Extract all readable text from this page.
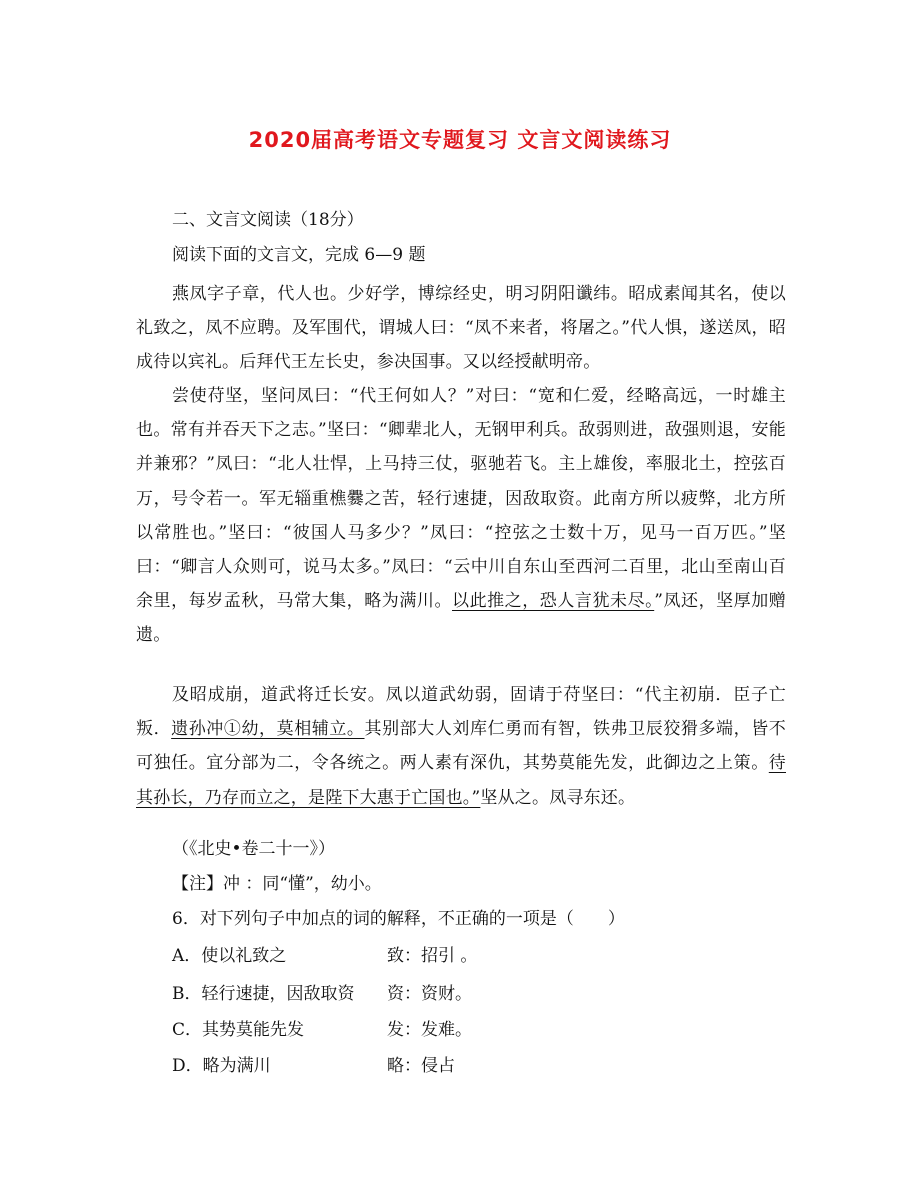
2020届高考语文专题复习 文言文阅读练习
二、文言文阅读（18分）
阅读下面的文言文，完成 6—9 题
燕凤字子章，代人也。少好学，博综经史，明习阴阳谶纬。昭成素闻其名，使以礼致之，凤不应聘。及军围代，谓城人曰：“凤不来者，将屠之。”代人惧，遂送凤，昭成待以宾礼。后拜代王左长史，参决国事。又以经授献明帝。
尝使苻坚，坚问凤曰：“代王何如人？”对曰：“宽和仁爱，经略高远，一时雄主也。常有并吞天下之志。”坚曰：“卿辈北人，无钢甲利兵。敌弱则进，敌强则退，安能并兼邪？”凤曰：“北人壮悍，上马持三仗，驱驰若飞。主上雄俊，率服北土，控弦百万，号令若一。军无辎重樵爨之苦，轻行速捷，因敌取资。此南方所以疲弊，北方所以常胜也。”坚曰：“彼国人马多少？”凤曰：“控弦之士数十万，见马一百万匹。”坚曰：“卿言人众则可，说马太多。”凤曰：“云中川自东山至西河二百里，北山至南山百余里，每岁孟秋，马常大集，略为满川。以此推之，恐人言犹未尽。”凤还，坚厚加赠遗。
及昭成崩，道武将迁长安。凤以道武幼弱，固请于苻坚曰：“代主初崩．臣子亡叛．遗孙冲①幼，莫相辅立。其别部大人刘库仁勇而有智，铁弗卫辰狡猾多端，皆不可独任。宜分部为二，令各统之。两人素有深仇，其势莫能先发，此御边之上策。待其孙长，乃存而立之，是陛下大惠于亡国也。”坚从之。凤寻东还。
（《北史•卷二十一》）
【注】冲 ：同“懂”，幼小。
6．对下列句子中加点的词的解释，不正确的一项是（　　）
A．使以礼致之	致：招引 。
B．轻行速捷，因敌取资 资：资财。
C．其势莫能先发	发：发难。
D．略为满川	略：侵占
